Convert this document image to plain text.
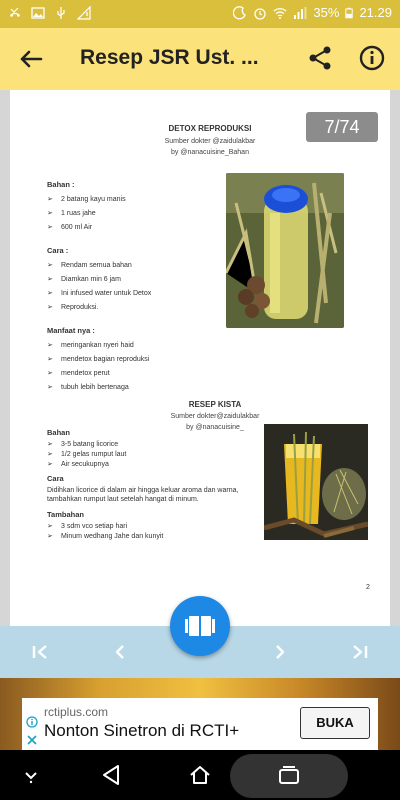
35% 21.29
Resep JSR Ust. ...
7/74
DETOX REPRODUKSI
Sumber dokter @zaidulakbar
by @nanacuisine_Bahan
Bahan :
➢	2 batang kayu manis
➢	1 ruas jahe
➢	600 ml Air
Cara :
➢	Rendam semua bahan
➢	Diamkan min 6 jam
➢	Ini infused water untuk Detox
➢	Reproduksi.
Manfaat nya :
➢	meringankan nyeri haid
➢	mendetox bagian reproduksi
➢	mendetox perut
➢	tubuh lebih bertenaga
RESEP KISTA
Sumber dokter@zaidulakbar
by @nanacuisine_
Bahan
➢	3-5 batang licorice
➢	1/2 gelas rumput laut
➢	Air secukupnya
Cara
Didihkan licorice di dalam air hingga keluar aroma dan warna, tambahkan rumput laut setelah hangat di minum.
Tambahan
➢	3 sdm vco setiap hari
➢	Minum wedhang Jahe dan kunyit
2
rctiplus.com
Nonton Sinetron di RCTI+	BUKA
